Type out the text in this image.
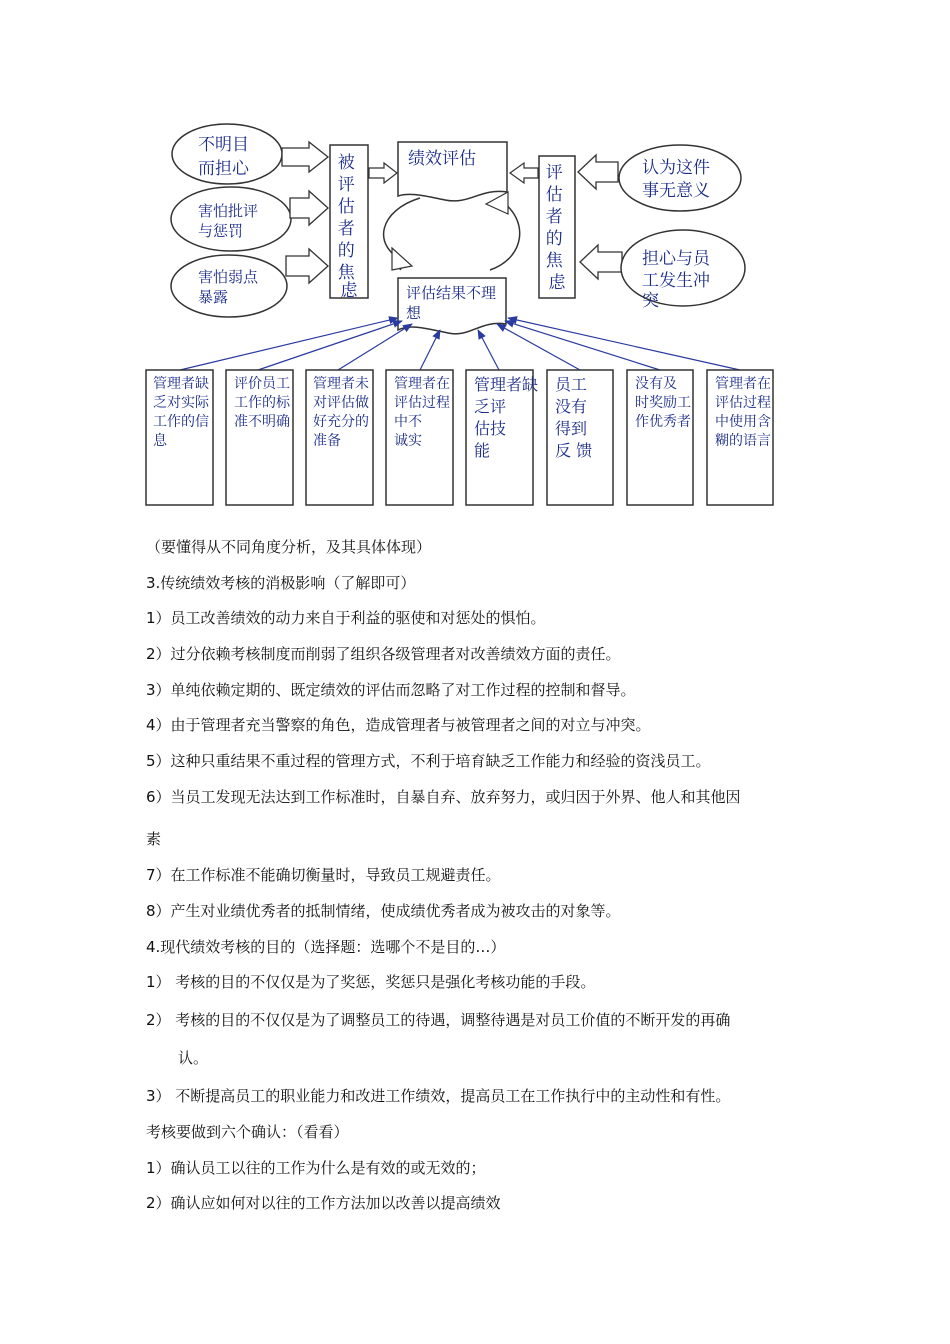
不明目
而担心
害怕批评
与惩罚
害怕弱点
暴露
被 评 估 者 的 焦 虑
绩效评估
评估结果不理 想
评 估 者 的 焦 虑
认为这件 事无意义
担心与员 工发生冲 突
管理者缺 乏对实际 工作的信 息
评价员工 工作的标 准不明确
管理者未 对评估做 好充分的 准备
管理者在 评估过程 中不 诚实
管理者缺 乏评 估技 能
员工 没有 得到 反 馈
没有及 时奖励工 作优秀者
管理者在 评估过程 中使用含 糊的语言
（要懂得从不同角度分析，及其具体体现）
3.传统绩效考核的消极影响（了解即可）
1）员工改善绩效的动力来自于利益的驱使和对惩处的惧怕。
2）过分依赖考核制度而削弱了组织各级管理者对改善绩效方面的责任。
3）单纯依赖定期的、既定绩效的评估而忽略了对工作过程的控制和督导。
4）由于管理者充当警察的角色，造成管理者与被管理者之间的对立与冲突。
5）这种只重结果不重过程的管理方式，不利于培育缺乏工作能力和经验的资浅员工。
6）当员工发现无法达到工作标准时，自暴自弃、放弃努力，或归因于外界、他人和其他因
素
7）在工作标准不能确切衡量时，导致员工规避责任。
8）产生对业绩优秀者的抵制情绪，使成绩优秀者成为被攻击的对象等。
4.现代绩效考核的目的（选择题：选哪个不是目的…）
1） 考核的目的不仅仅是为了奖惩，奖惩只是强化考核功能的手段。
2） 考核的目的不仅仅是为了调整员工的待遇，调整待遇是对员工价值的不断开发的再确
认。
3） 不断提高员工的职业能力和改进工作绩效，提高员工在工作执行中的主动性和有性。
考核要做到六个确认：（看看）
1）确认员工以往的工作为什么是有效的或无效的；
2）确认应如何对以往的工作方法加以改善以提高绩效
